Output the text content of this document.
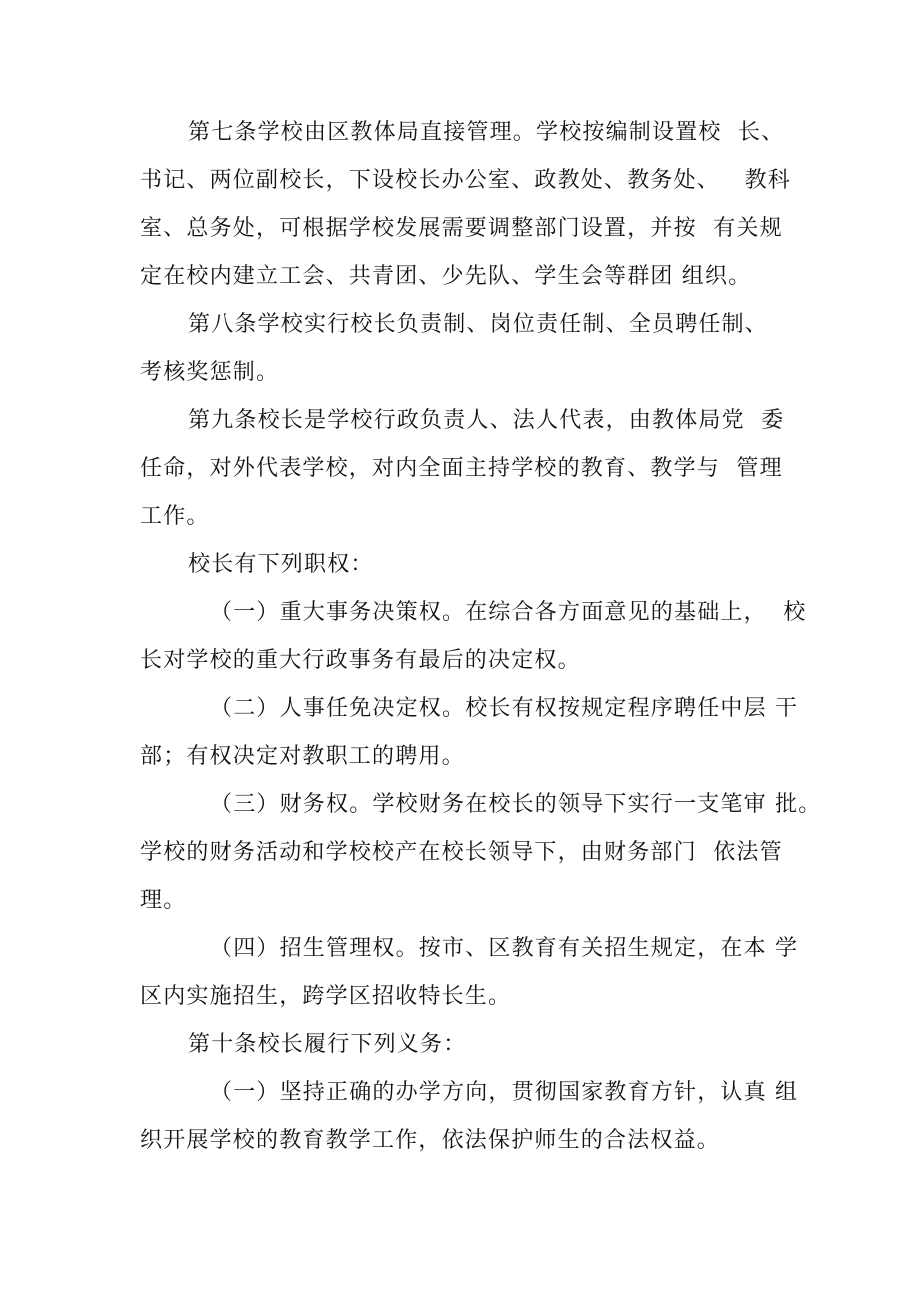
第七条学校由区教体局直接管理。学校按编制设置校  长、
书记、两位副校长，下设校长办公室、政教处、教务处、   教科
室、总务处，可根据学校发展需要调整部门设置，并按  有关规
定在校内建立工会、共青团、少先队、学生会等群团 组织。
第八条学校实行校长负责制、岗位责任制、全员聘任制、
考核奖惩制。
第九条校长是学校行政负责人、法人代表，由教体局党  委
任命，对外代表学校，对内全面主持学校的教育、教学与  管理
工作。
校长有下列职权：
（一）重大事务决策权。在综合各方面意见的基础上，  校
长对学校的重大行政事务有最后的决定权。
（二）人事任免决定权。校长有权按规定程序聘任中层 干
部；有权决定对教职工的聘用。
（三）财务权。学校财务在校长的领导下实行一支笔审 批。
学校的财务活动和学校校产在校长领导下，由财务部门  依法管
理。
（四）招生管理权。按市、区教育有关招生规定，在本 学
区内实施招生，跨学区招收特长生。
第十条校长履行下列义务：
（一）坚持正确的办学方向，贯彻国家教育方针，认真 组
织开展学校的教育教学工作，依法保护师生的合法权益。
